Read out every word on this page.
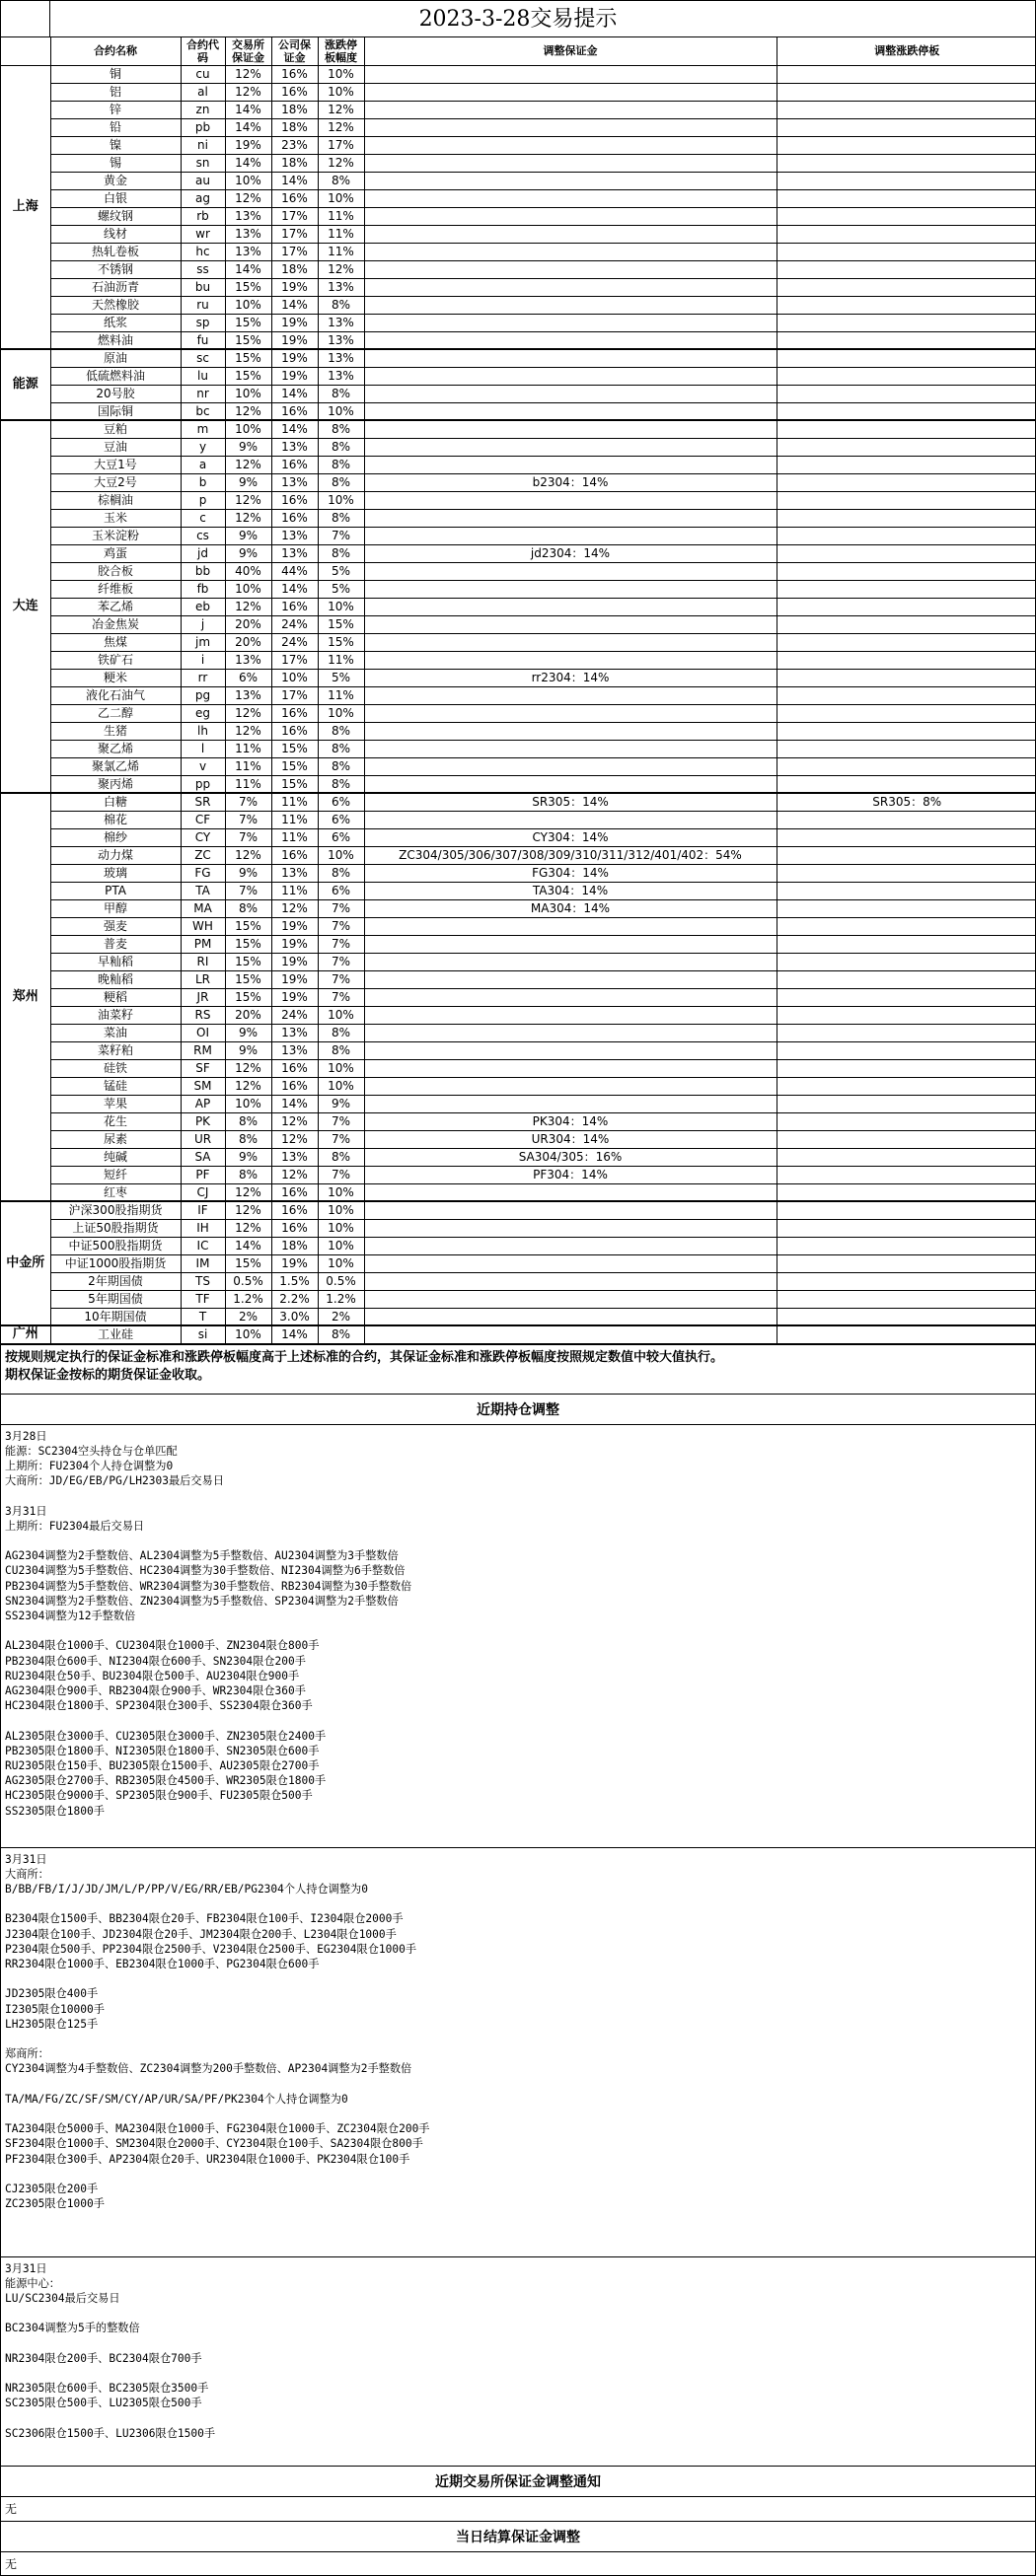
2023-3-28交易提示
	合约名称	合约代码	交易所保证金	公司保证金	涨跌停板幅度	调整保证金	调整涨跌停板
上海	铜	cu	12%	16%	10%		
	铝	al	12%	16%	10%		
	锌	zn	14%	18%	12%		
	铅	pb	14%	18%	12%		
	镍	ni	19%	23%	17%		
	锡	sn	14%	18%	12%		
	黄金	au	10%	14%	8%		
	白银	ag	12%	16%	10%		
	螺纹钢	rb	13%	17%	11%		
	线材	wr	13%	17%	11%		
	热轧卷板	hc	13%	17%	11%		
	不锈钢	ss	14%	18%	12%		
	石油沥青	bu	15%	19%	13%		
	天然橡胶	ru	10%	14%	8%		
	纸浆	sp	15%	19%	13%		
	燃料油	fu	15%	19%	13%		
能源	原油	sc	15%	19%	13%		
	低硫燃料油	lu	15%	19%	13%		
	20号胶	nr	10%	14%	8%		
	国际铜	bc	12%	16%	10%		
大连	豆粕	m	10%	14%	8%		
	豆油	y	9%	13%	8%		
	大豆1号	a	12%	16%	8%		
	大豆2号	b	9%	13%	8%	b2304：14%	
	棕榈油	p	12%	16%	10%		
	玉米	c	12%	16%	8%		
	玉米淀粉	cs	9%	13%	7%		
	鸡蛋	jd	9%	13%	8%	jd2304：14%	
	胶合板	bb	40%	44%	5%		
	纤维板	fb	10%	14%	5%		
	苯乙烯	eb	12%	16%	10%		
	冶金焦炭	j	20%	24%	15%		
	焦煤	jm	20%	24%	15%		
	铁矿石	i	13%	17%	11%		
	粳米	rr	6%	10%	5%	rr2304：14%	
	液化石油气	pg	13%	17%	11%		
	乙二醇	eg	12%	16%	10%		
	生猪	lh	12%	16%	8%		
	聚乙烯	l	11%	15%	8%		
	聚氯乙烯	v	11%	15%	8%		
	聚丙烯	pp	11%	15%	8%		
郑州	白糖	SR	7%	11%	6%	SR305：14%	SR305：8%
	棉花	CF	7%	11%	6%		
	棉纱	CY	7%	11%	6%	CY304：14%	
	动力煤	ZC	12%	16%	10%	ZC304/305/306/307/308/309/310/311/312/401/402：54%	
	玻璃	FG	9%	13%	8%	FG304：14%	
	PTA	TA	7%	11%	6%	TA304：14%	
	甲醇	MA	8%	12%	7%	MA304：14%	
	强麦	WH	15%	19%	7%		
	普麦	PM	15%	19%	7%		
	早籼稻	RI	15%	19%	7%		
	晚籼稻	LR	15%	19%	7%		
	粳稻	JR	15%	19%	7%		
	油菜籽	RS	20%	24%	10%		
	菜油	OI	9%	13%	8%		
	菜籽粕	RM	9%	13%	8%		
	硅铁	SF	12%	16%	10%		
	锰硅	SM	12%	16%	10%		
	苹果	AP	10%	14%	9%		
	花生	PK	8%	12%	7%	PK304：14%	
	尿素	UR	8%	12%	7%	UR304：14%	
	纯碱	SA	9%	13%	8%	SA304/305：16%	
	短纤	PF	8%	12%	7%	PF304：14%	
	红枣	CJ	12%	16%	10%		
中金所	沪深300股指期货	IF	12%	16%	10%		
	上证50股指期货	IH	12%	16%	10%		
	中证500股指期货	IC	14%	18%	10%		
	中证1000股指期货	IM	15%	19%	10%		
	2年期国债	TS	0.5%	1.5%	0.5%		
	5年期国债	TF	1.2%	2.2%	1.2%		
	10年期国债	T	2%	3.0%	2%		
广州	工业硅	si	10%	14%	8%		
按规则规定执行的保证金标准和涨跌停板幅度高于上述标准的合约，其保证金标准和涨跌停板幅度按照规定数值中较大值执行。
期权保证金按标的期货保证金收取。
近期持仓调整
3月28日
能源：SC2304空头持仓与仓单匹配
上期所：FU2304个人持仓调整为0
大商所：JD/EG/EB/PG/LH2303最后交易日

3月31日
上期所：FU2304最后交易日

AG2304调整为2手整数倍、AL2304调整为5手整数倍、AU2304调整为3手整数倍
CU2304调整为5手整数倍、HC2304调整为30手整数倍、NI2304调整为6手整数倍
PB2304调整为5手整数倍、WR2304调整为30手整数倍、RB2304调整为30手整数倍
SN2304调整为2手整数倍、ZN2304调整为5手整数倍、SP2304调整为2手整数倍
SS2304调整为12手整数倍

AL2304限仓1000手、CU2304限仓1000手、ZN2304限仓800手
PB2304限仓600手、NI2304限仓600手、SN2304限仓200手
RU2304限仓50手、BU2304限仓500手、AU2304限仓900手
AG2304限仓900手、RB2304限仓900手、WR2304限仓360手
HC2304限仓1800手、SP2304限仓300手、SS2304限仓360手

AL2305限仓3000手、CU2305限仓3000手、ZN2305限仓2400手
PB2305限仓1800手、NI2305限仓1800手、SN2305限仓600手
RU2305限仓150手、BU2305限仓1500手、AU2305限仓2700手
AG2305限仓2700手、RB2305限仓4500手、WR2305限仓1800手
HC2305限仓9000手、SP2305限仓900手、FU2305限仓500手
SS2305限仓1800手
3月31日
大商所：
B/BB/FB/I/J/JD/JM/L/P/PP/V/EG/RR/EB/PG2304个人持仓调整为0

B2304限仓1500手、BB2304限仓20手、FB2304限仓100手、I2304限仓2000手
J2304限仓100手、JD2304限仓20手、JM2304限仓200手、L2304限仓1000手
P2304限仓500手、PP2304限仓2500手、V2304限仓2500手、EG2304限仓1000手
RR2304限仓1000手、EB2304限仓1000手、PG2304限仓600手

JD2305限仓400手
I2305限仓10000手
LH2305限仓125手

郑商所：
CY2304调整为4手整数倍、ZC2304调整为200手整数倍、AP2304调整为2手整数倍

TA/MA/FG/ZC/SF/SM/CY/AP/UR/SA/PF/PK2304个人持仓调整为0

TA2304限仓5000手、MA2304限仓1000手、FG2304限仓1000手、ZC2304限仓200手
SF2304限仓1000手、SM2304限仓2000手、CY2304限仓100手、SA2304限仓800手
PF2304限仓300手、AP2304限仓20手、UR2304限仓1000手、PK2304限仓100手

CJ2305限仓200手
ZC2305限仓1000手
3月31日
能源中心：
LU/SC2304最后交易日

BC2304调整为5手的整数倍

NR2304限仓200手、BC2304限仓700手

NR2305限仓600手、BC2305限仓3500手
SC2305限仓500手、LU2305限仓500手

SC2306限仓1500手、LU2306限仓1500手
近期交易所保证金调整通知
无
当日结算保证金调整
无
